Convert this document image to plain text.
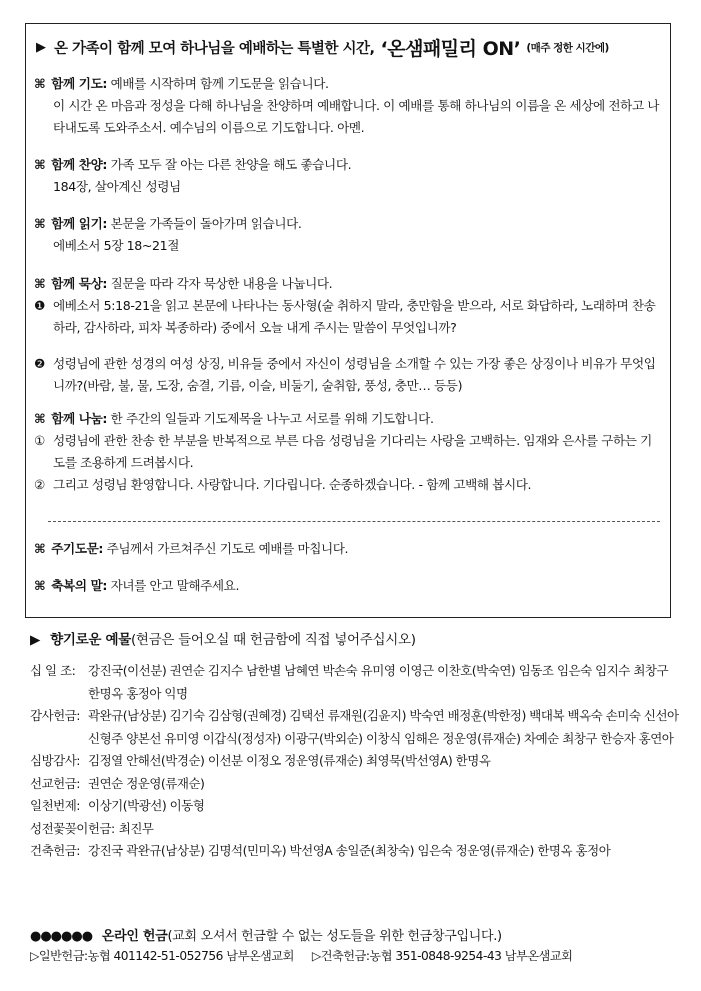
▶ 온 가족이 함께 모여 하나님을 예배하는 특별한 시간, ‘온샘패밀리 ON’ (매주 정한 시간에)
⌘ 함께 기도: 예배를 시작하며 함께 기도문을 읽습니다.
이 시간 온 마음과 정성을 다해 하나님을 찬양하며 예배합니다. 이 예배를 통해 하나님의 이름을 온 세상에 전하고 나타내도록 도와주소서. 예수님의 이름으로 기도합니다. 아멘.
⌘ 함께 찬양: 가족 모두 잘 아는 다른 찬양을 해도 좋습니다.
184장, 살아계신 성령님
⌘ 함께 읽기: 본문을 가족들이 돌아가며 읽습니다.
에베소서 5장 18~21절
⌘ 함께 묵상: 질문을 따라 각자 묵상한 내용을 나눕니다.
❶ 에베소서 5:18-21을 읽고 본문에 나타나는 동사형(술 취하지 말라, 충만함을 받으라, 서로 화답하라, 노래하며 찬송하라, 감사하라, 피차 복종하라) 중에서 오늘 내게 주시는 말씀이 무엇입니까?
❷ 성령님에 관한 성경의 여성 상징, 비유들 중에서 자신이 성령님을 소개할 수 있는 가장 좋은 상징이나 비유가 무엇입니까?(바람, 불, 물, 도장, 숨결, 기름, 이슬, 비둘기, 술취함, 풍성, 충만… 등등)
⌘ 함께 나눔: 한 주간의 일들과 기도제목을 나누고 서로를 위해 기도합니다.
① 성령님에 관한 찬송 한 부분을 반복적으로 부른 다음 성령님을 기다리는 사랑을 고백하는. 임재와 은사를 구하는 기도를 조용하게 드려봅시다.
② 그리고 성령님 환영합니다. 사랑합니다. 기다립니다. 순종하겠습니다. - 함께 고백해 봅시다.
⌘ 주기도문: 주님께서 가르쳐주신 기도로 예배를 마칩니다.
⌘ 축복의 말: 자녀를 안고 말해주세요.
▶ 향기로운 예물(현금은 들어오실 때 헌금함에 직접 넣어주십시오)
십 일 조:	강진국(이선분) 권연순 김지수 남한별 남혜연 박손숙 유미영 이영근 이찬호(박숙연) 임동조 임은숙 임지수 최창구 한명옥 홍정아 익명
감사헌금: 곽완규(남상분) 김기숙 김삼형(권혜경) 김택선 류재원(김윤지) 박숙연 배정훈(박한정) 백대복 백옥숙 손미숙 신선아 신형주 양본선 유미영 이갑식(정성자) 이광구(박외순) 이창식 임해은 정운영(류재순) 차예순 최창구 한승자 홍연아
심방감사: 김정열 안해선(박경순) 이선분 이정오 정운영(류재순) 최영묵(박선영A) 한명옥
선교헌금: 권연순 정운영(류재순)
일천번제: 이상기(박광선) 이동형
성전꽃꽂이헌금: 최진무
건축헌금: 강진국 곽완규(남상분) 김명석(민미옥) 박선영A 송일준(최창숙) 임은숙 정운영(류재순) 한명옥 홍정아
●●●●●● 온라인 헌금(교회 오셔서 헌금할 수 없는 성도들을 위한 헌금창구입니다.)
▷일반헌금:농협 401142-51-052756 남부온샘교회 ▷건축헌금:농협 351-0848-9254-43 남부온샘교회
